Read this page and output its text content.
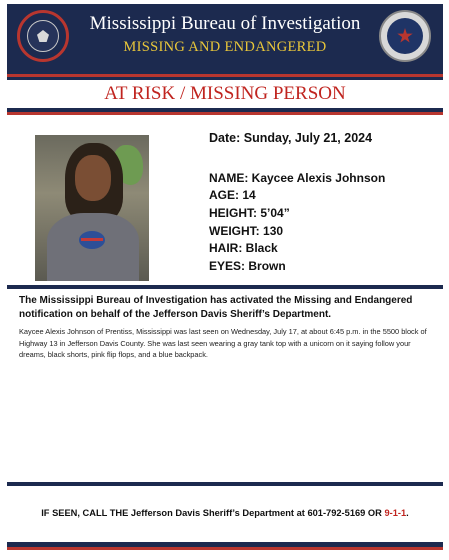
Mississippi Bureau of Investigation
MISSING AND ENDANGERED
AT RISK / MISSING PERSON
Date: Sunday, July 21, 2024
NAME: Kaycee Alexis Johnson
AGE: 14
HEIGHT: 5’04”
WEIGHT: 130
HAIR: Black
EYES: Brown
The Mississippi Bureau of Investigation has activated the Missing and Endangered notification on behalf of the Jefferson Davis Sheriff’s Department.
Kaycee Alexis Johnson of Prentiss, Mississippi was last seen on Wednesday, July 17, at about 6:45 p.m. in the 5500 block of Highway 13 in Jefferson Davis County. She was last seen wearing a gray tank top with a unicorn on it saying follow your dreams, black shorts, pink flip flops, and a blue backpack.
IF SEEN, CALL THE Jefferson Davis Sheriff’s Department at 601-792-5169 OR 9-1-1.
